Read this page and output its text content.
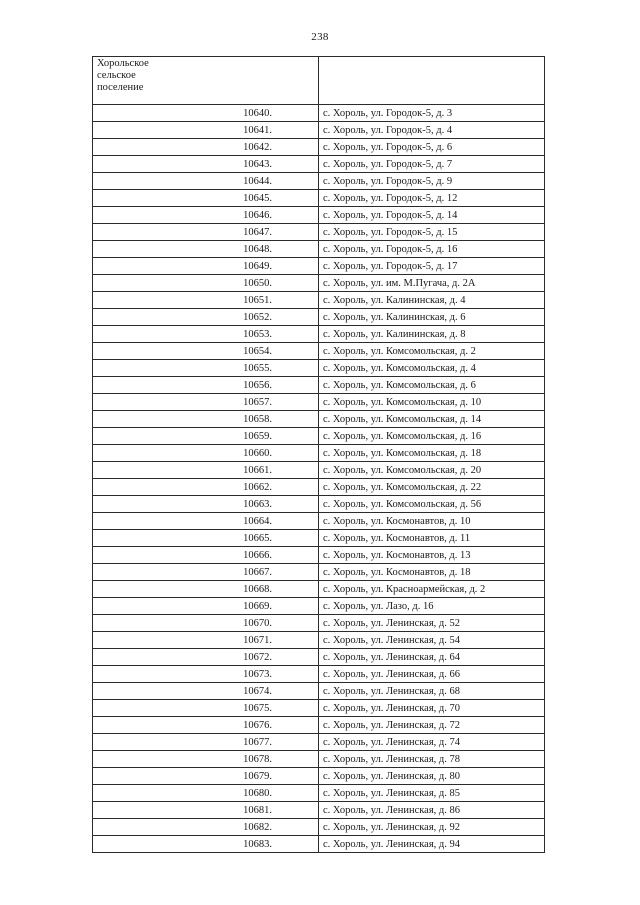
238
Хорольское
сельское
поселение	

10640.	с. Хороль, ул. Городок-5, д. 3
10641.	с. Хороль, ул. Городок-5, д. 4
10642.	с. Хороль, ул. Городок-5, д. 6
10643.	с. Хороль, ул. Городок-5, д. 7
10644.	с. Хороль, ул. Городок-5, д. 9
10645.	с. Хороль, ул. Городок-5, д. 12
10646.	с. Хороль, ул. Городок-5, д. 14
10647.	с. Хороль, ул. Городок-5, д. 15
10648.	с. Хороль, ул. Городок-5, д. 16
10649.	с. Хороль, ул. Городок-5, д. 17
10650.	с. Хороль, ул. им. М.Пугача, д. 2А
10651.	с. Хороль, ул. Калининская, д. 4
10652.	с. Хороль, ул. Калининская, д. 6
10653.	с. Хороль, ул. Калининская, д. 8
10654.	с. Хороль, ул. Комсомольская, д. 2
10655.	с. Хороль, ул. Комсомольская, д. 4
10656.	с. Хороль, ул. Комсомольская, д. 6
10657.	с. Хороль, ул. Комсомольская, д. 10
10658.	с. Хороль, ул. Комсомольская, д. 14
10659.	с. Хороль, ул. Комсомольская, д. 16
10660.	с. Хороль, ул. Комсомольская, д. 18
10661.	с. Хороль, ул. Комсомольская, д. 20
10662.	с. Хороль, ул. Комсомольская, д. 22
10663.	с. Хороль, ул. Комсомольская, д. 56
10664.	с. Хороль, ул. Космонавтов, д. 10
10665.	с. Хороль, ул. Космонавтов, д. 11
10666.	с. Хороль, ул. Космонавтов, д. 13
10667.	с. Хороль, ул. Космонавтов, д. 18
10668.	с. Хороль, ул. Красноармейская, д. 2
10669.	с. Хороль, ул. Лазо, д. 16
10670.	с. Хороль, ул. Ленинская, д. 52
10671.	с. Хороль, ул. Ленинская, д. 54
10672.	с. Хороль, ул. Ленинская, д. 64
10673.	с. Хороль, ул. Ленинская, д. 66
10674.	с. Хороль, ул. Ленинская, д. 68
10675.	с. Хороль, ул. Ленинская, д. 70
10676.	с. Хороль, ул. Ленинская, д. 72
10677.	с. Хороль, ул. Ленинская, д. 74
10678.	с. Хороль, ул. Ленинская, д. 78
10679.	с. Хороль, ул. Ленинская, д. 80
10680.	с. Хороль, ул. Ленинская, д. 85
10681.	с. Хороль, ул. Ленинская, д. 86
10682.	с. Хороль, ул. Ленинская, д. 92
10683.	с. Хороль, ул. Ленинская, д. 94
